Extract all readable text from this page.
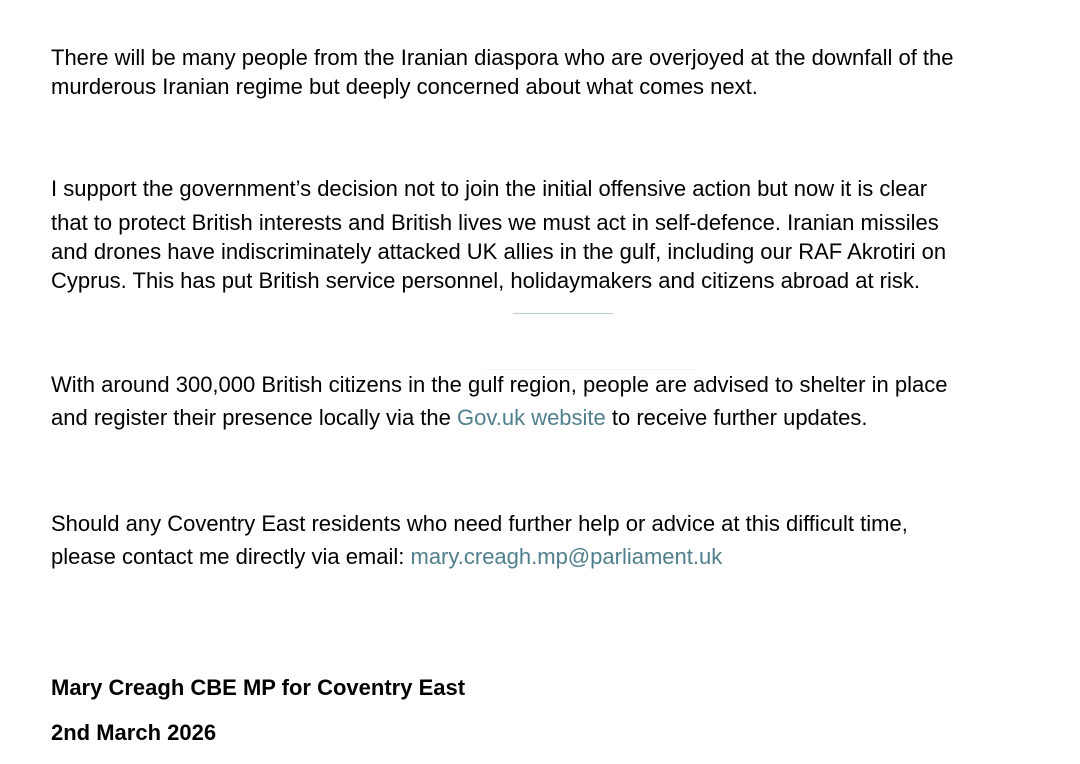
There will be many people from the Iranian diaspora who are overjoyed at the downfall of the
murderous Iranian regime but deeply concerned about what comes next.

I support the government’s decision not to join the initial offensive action but now it is clear
that to protect British interests and British lives we must act in self-defence. Iranian missiles
and drones have indiscriminately attacked UK allies in the gulf, including our RAF Akrotiri on
Cyprus. This has put British service personnel, holidaymakers and citizens abroad at risk.

With around 300,000 British citizens in the gulf region, people are advised to shelter in place
and register their presence locally via the Gov.uk website to receive further updates.

Should any Coventry East residents who need further help or advice at this difficult time,
please contact me directly via email: mary.creagh.mp@parliament.uk

Mary Creagh CBE MP for Coventry East

2nd March 2026
